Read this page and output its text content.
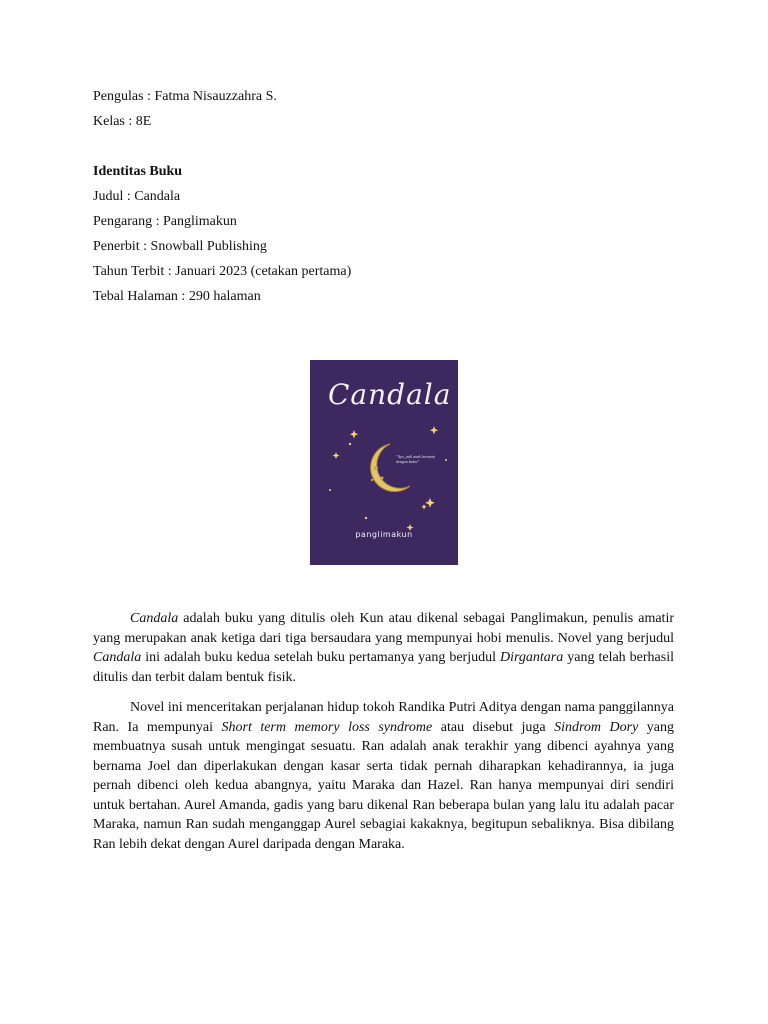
Pengulas : Fatma Nisauzzahra S.
Kelas : 8E
Identitas Buku
Judul : Candala
Pengarang : Panglimakun
Penerbit : Snowball Publishing
Tahun Terbit : Januari 2023 (cetakan pertama)
Tebal Halaman : 290 halaman
Candala
"Ayo, jadi anak bermain dengan kamu"
panglimakun

Candala adalah buku yang ditulis oleh Kun atau dikenal sebagai Panglimakun, penulis amatir yang merupakan anak ketiga dari tiga bersaudara yang mempunyai hobi menulis. Novel yang berjudul Candala ini adalah buku kedua setelah buku pertamanya yang berjudul Dirgantara yang telah berhasil ditulis dan terbit dalam bentuk fisik.

Novel ini menceritakan perjalanan hidup tokoh Randika Putri Aditya dengan nama panggilannya Ran. Ia mempunyai Short term memory loss syndrome atau disebut juga Sindrom Dory yang membuatnya susah untuk mengingat sesuatu. Ran adalah anak terakhir yang dibenci ayahnya yang bernama Joel dan diperlakukan dengan kasar serta tidak pernah diharapkan kehadirannya, ia juga pernah dibenci oleh kedua abangnya, yaitu Maraka dan Hazel. Ran hanya mempunyai diri sendiri untuk bertahan. Aurel Amanda, gadis yang baru dikenal Ran beberapa bulan yang lalu itu adalah pacar Maraka, namun Ran sudah menganggap Aurel sebagiai kakaknya, begitupun sebaliknya. Bisa dibilang Ran lebih dekat dengan Aurel daripada dengan Maraka.
